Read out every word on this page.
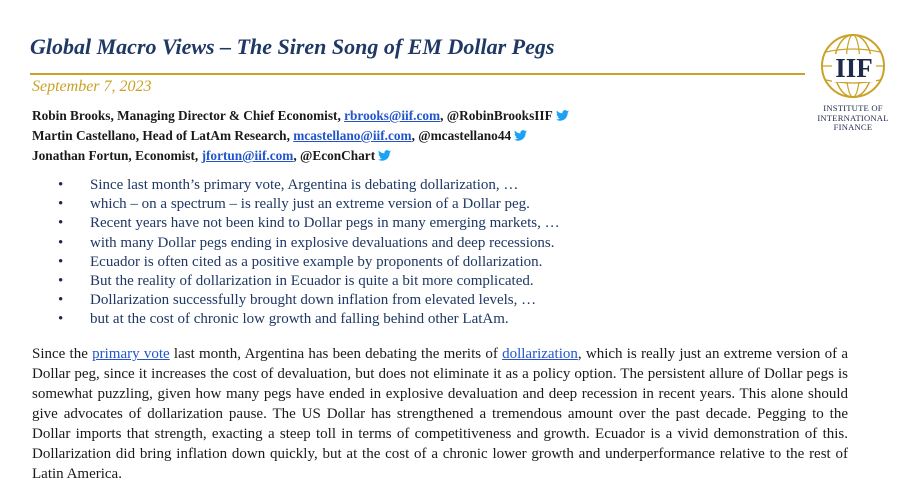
Global Macro Views – The Siren Song of EM Dollar Pegs
September 7, 2023
Robin Brooks, Managing Director & Chief Economist, rbrooks@iif.com, @RobinBrooksIIF
Martin Castellano, Head of LatAm Research, mcastellano@iif.com, @mcastellano44
Jonathan Fortun, Economist, jfortun@iif.com, @EconChart
IIF
INSTITUTE OF
INTERNATIONAL
FINANCE
• Since last month’s primary vote, Argentina is debating dollarization, …
• which – on a spectrum – is really just an extreme version of a Dollar peg.
• Recent years have not been kind to Dollar pegs in many emerging markets, …
• with many Dollar pegs ending in explosive devaluations and deep recessions.
• Ecuador is often cited as a positive example by proponents of dollarization.
• But the reality of dollarization in Ecuador is quite a bit more complicated.
• Dollarization successfully brought down inflation from elevated levels, …
• but at the cost of chronic low growth and falling behind other LatAm.

Since the primary vote last month, Argentina has been debating the merits of dollarization, which is really just an extreme version of a Dollar peg, since it increases the cost of devaluation, but does not eliminate it as a policy option. The persistent allure of Dollar pegs is somewhat puzzling, given how many pegs have ended in explosive devaluation and deep recession in recent years. This alone should give advocates of dollarization pause. The US Dollar has strengthened a tremendous amount over the past decade. Pegging to the Dollar imports that strength, exacting a steep toll in terms of competitiveness and growth. Ecuador is a vivid demonstration of this. Dollarization did bring inflation down quickly, but at the cost of a chronic lower growth and underperformance relative to the rest of Latin America.
